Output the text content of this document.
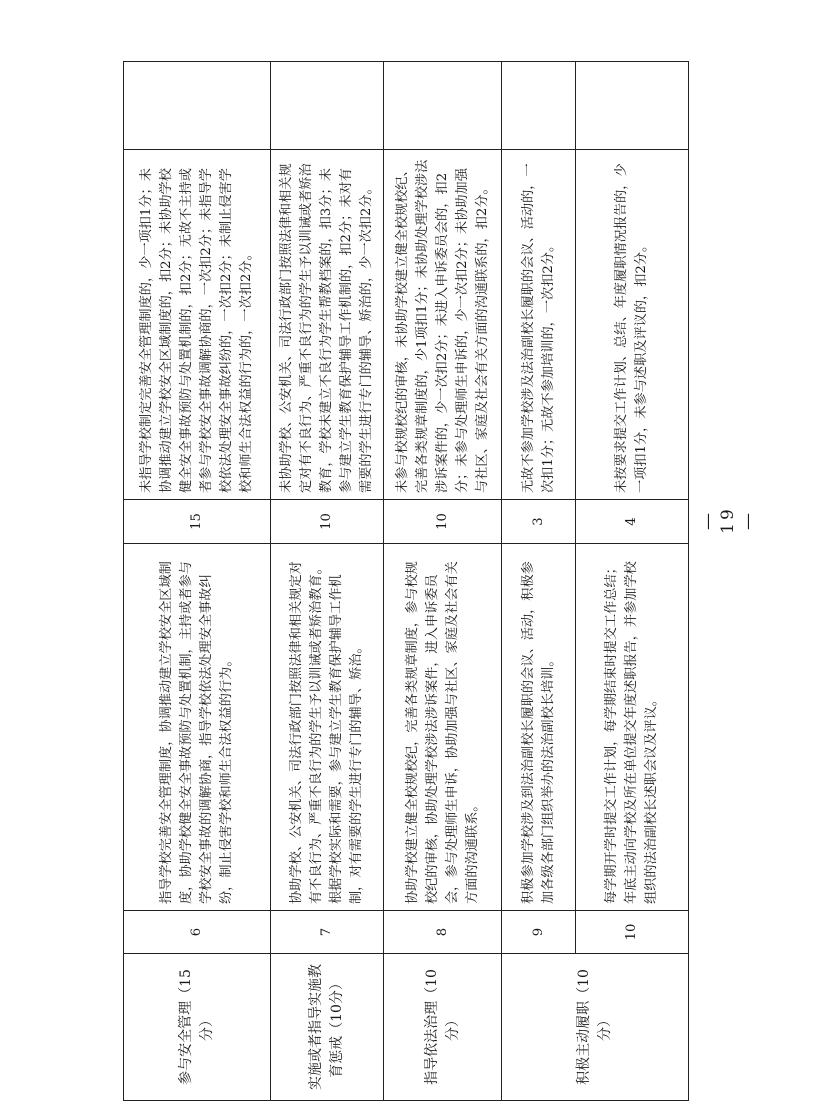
参与安全管理（15分）	6	指导学校完善安全管理制度，协调推动建立学校安全区域制度，协助学校健全安全事故预防与处置机制，主持或者参与学校安全事故的调解协商，指导学校依法处理安全事故纠纷，制止侵害学校和师生合法权益的行为。	15	未指导学校制定完善安全管理制度的，少一项扣1分；未协调推动建立学校安全区域制度的，扣2分；未协助学校健全安全事故预防与处置机制的，扣2分；无故不主持或者参与学校安全事故调解协商的，一次扣2分；未指导学校依法处理安全事故纠纷的，一次扣2分；未制止侵害学校和师生合法权益的行为的，一次扣2分。	
实施或者指导实施教育惩戒（10分）	7	协助学校、公安机关、司法行政部门按照法律和相关规定对有不良行为、严重不良行为的学生予以训诫或者矫治教育。根据学校实际和需要，参与建立学生教育保护辅导工作机制，对有需要的学生进行专门的辅导、矫治。	10	未协助学校、公安机关、司法行政部门按照法律和相关规定对有不良行为、严重不良行为的学生予以训诫或者矫治教育，学校未建立不良行为学生帮教档案的，扣3分；未参与建立学生教育保护辅导工作机制的，扣2分；未对有需要的学生进行专门的辅导、矫治的，少一次扣2分。	
指导依法治理（10分）	8	协助学校建立健全校规校纪，完善各类规章制度，参与校规校纪的审核，协助处理学校涉法涉诉案件，进入申诉委员会，参与处理师生申诉，协助加强与社区、家庭及社会有关方面的沟通联系。	10	未参与校规校纪的审核，未协助学校建立健全校规校纪、完善各类规章制度的，少1项扣1分；未协助处理学校涉法涉诉案件的，少一次扣2分；未进入申诉委员会的，扣2分；未参与处理师生申诉的，少一次扣2分；未协助加强与社区、家庭及社会有关方面的沟通联系的，扣2分。	
积极主动履职（10分）	9	积极参加学校涉及到法治副校长履职的会议、活动，积极参加各级各部门组织举办的法治副校长培训。	3	无故不参加学校涉及法治副校长履职的会议、活动的，一次扣1分；无故不参加培训的，一次扣2分。	
	10	每学期开学时提交工作计划，每学期结束时提交工作总结；年底主动向学校及所在单位提交年度述职报告，并参加学校组织的法治副校长述职会议及评议。	4	未按要求提交工作计划、总结、年度履职情况报告的，少一项扣1分，未参与述职及评议的，扣2分。	
— 19 —
